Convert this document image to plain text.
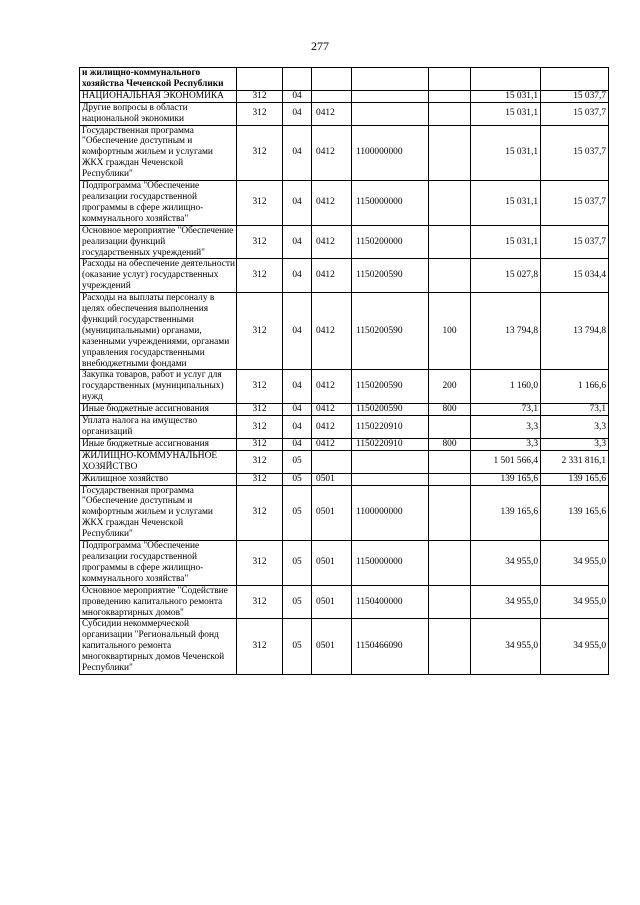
277
и жилищно-коммунального хозяйства Чеченской Республики							
НАЦИОНАЛЬНАЯ ЭКОНОМИКА	312	04				15 031,1	15 037,7
Другие вопросы в области национальной экономики	312	04	0412			15 031,1	15 037,7
Государственная программа "Обеспечение доступным и комфортным жильем и услугами ЖКХ граждан Чеченской Республики"	312	04	0412	1100000000		15 031,1	15 037,7
Подпрограмма "Обеспечение реализации государственной программы в сфере жилищно-коммунального хозяйства"	312	04	0412	1150000000		15 031,1	15 037,7
Основное мероприятие "Обеспечение реализации функций государственных учреждений"	312	04	0412	1150200000		15 031,1	15 037,7
Расходы на обеспечение деятельности (оказание услуг) государственных учреждений	312	04	0412	1150200590		15 027,8	15 034,4
Расходы на выплаты персоналу в целях обеспечения выполнения функций государственными (муниципальными) органами, казенными учреждениями, органами управления государственными внебюджетными фондами	312	04	0412	1150200590	100	13 794,8	13 794,8
Закупка товаров, работ и услуг для государственных (муниципальных) нужд	312	04	0412	1150200590	200	1 160,0	1 166,6
Иные бюджетные ассигнования	312	04	0412	1150200590	800	73,1	73,1
Уплата налога на имущество организаций	312	04	0412	1150220910		3,3	3,3
Иные бюджетные ассигнования	312	04	0412	1150220910	800	3,3	3,3
ЖИЛИЩНО-КОММУНАЛЬНОЕ ХОЗЯЙСТВО	312	05				1 501 566,4	2 331 816,1
Жилищное хозяйство	312	05	0501			139 165,6	139 165,6
Государственная программа "Обеспечение доступным и комфортным жильем и услугами ЖКХ граждан Чеченской Республики"	312	05	0501	1100000000		139 165,6	139 165,6
Подпрограмма "Обеспечение реализации государственной программы в сфере жилищно-коммунального хозяйства"	312	05	0501	1150000000		34 955,0	34 955,0
Основное мероприятие "Содействие проведению капитального ремонта многоквартирных домов"	312	05	0501	1150400000		34 955,0	34 955,0
Субсидии некоммерческой организации "Региональный фонд капитального ремонта многоквартирных домов Чеченской Республики"	312	05	0501	1150466090		34 955,0	34 955,0
